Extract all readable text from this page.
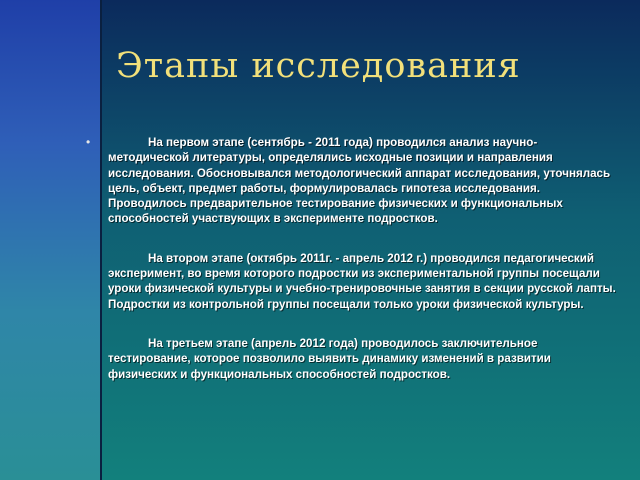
Этапы исследования
•	На первом этапе (сентябрь - 2011 года) проводился анализ научно-методической литературы, определялись исходные позиции и направления исследования. Обосновывался методологический аппарат исследования, уточнялась цель, объект, предмет работы, формулировалась гипотеза исследования. Проводилось предварительное тестирование физических и функциональных способностей участвующих в эксперименте подростков.

На втором этапе (октябрь 2011г. - апрель 2012 г.) проводился педагогический эксперимент, во время которого подростки из экспериментальной группы посещали уроки физической культуры и учебно-тренировочные занятия в секции русской лапты. Подростки из контрольной группы посещали только уроки физической культуры.

На третьем этапе (апрель 2012 года) проводилось заключительное тестирование, которое позволило выявить динамику изменений в развитии физических и функциональных способностей подростков.
